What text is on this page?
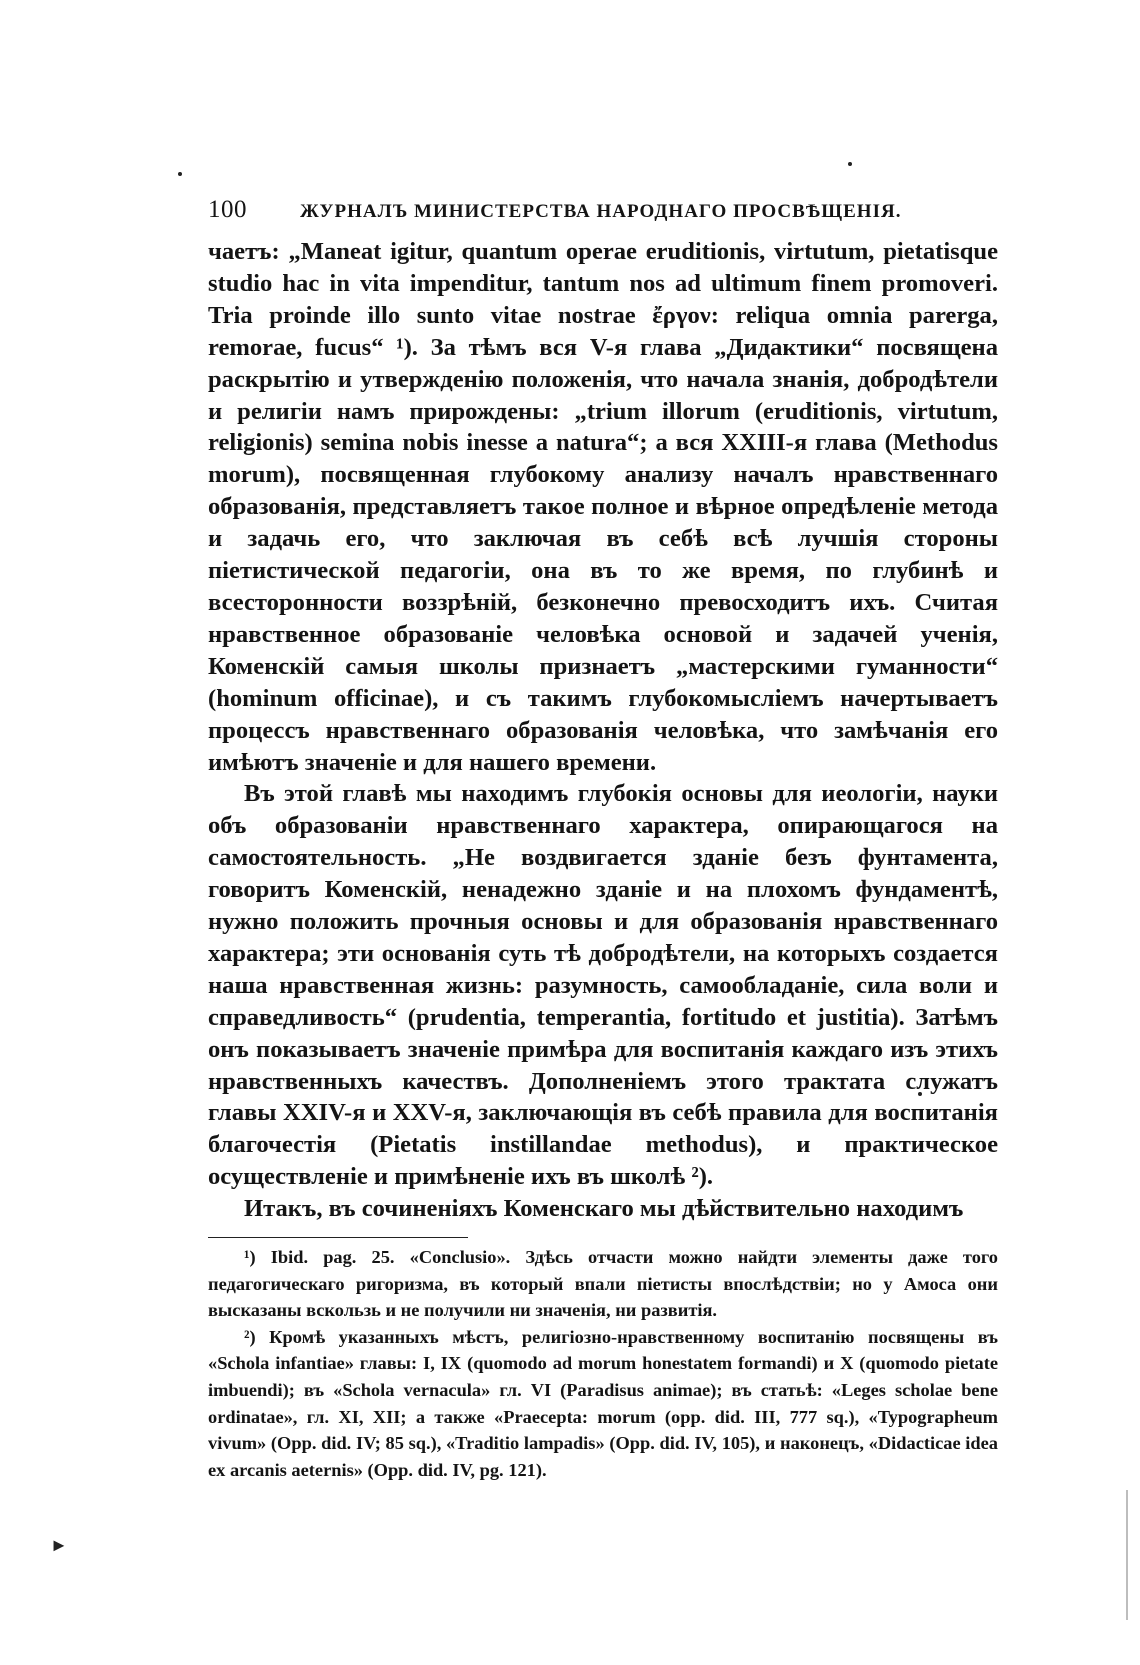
100	ЖУРНАЛЪ МИНИСТЕРСТВА НАРОДНАГО ПРОСВѢЩЕНІЯ.

чаетъ: „Maneat igitur, quantum operae eruditionis, virtutum, pietatisque studio hac in vita impenditur, tantum nos ad ultimum finem promoveri. Tria proinde illo sunto vitae nostrae ἔργον: reliqua omnia parerga, remorae, fucus“ ¹). За тѣмъ вся V-я глава „Дидактики“ посвящена раскрытію и утвержденію положенія, что начала знанія, добродѣтели и религіи намъ прирождены: „trium illorum (eruditionis, virtutum, religionis) semina nobis inesse a natura“; а вся XXIII-я глава (Methodus morum), посвященная глубокому анализу началъ нравственнаго образованія, представляетъ такое полное и вѣрное опредѣленіе метода и задачь его, что заключая въ себѣ всѣ лучшія стороны піетистической педагогіи, она въ то же время, по глубинѣ и всесторонности воззрѣній, безконечно превосходитъ ихъ. Считая нравственное образованіе человѣка основой и задачей ученія, Коменскій самыя школы признаетъ „мастерскими гуманности“ (hominum officinae), и съ такимъ глубокомысліемъ начертываетъ процессъ нравственнаго образованія человѣка, что замѣчанія его имѣютъ значеніе и для нашего времени.

Въ этой главѣ мы находимъ глубокія основы для иеологіи, науки объ образованіи нравственнаго характера, опирающагося на самостоятельность. „Не воздвигается зданіе безъ фунтамента, говоритъ Коменскій, ненадежно зданіе и на плохомъ фундаментѣ, нужно положить прочныя основы и для образованія нравственнаго характера; эти основанія суть тѣ добродѣтели, на которыхъ создается наша нравственная жизнь: разумность, самообладаніе, сила воли и справедливость“ (prudentia, temperantia, fortitudo et justitia). Затѣмъ онъ показываетъ значеніе примѣра для воспитанія каждаго изъ этихъ нравственныхъ качествъ. Дополненіемъ этого трактата служатъ главы XXIV-я и XXV-я, заключающія въ себѣ правила для воспитанія благочестія (Pietatis instillandae methodus), и практическое осуществленіе и примѣненіе ихъ въ школѣ ²).

Итакъ, въ сочиненіяхъ Коменскаго мы дѣйствительно находимъ

¹) Ibid. pag. 25. «Conclusio». Здѣсь отчасти можно найдти элементы даже того педагогическаго ригоризма, въ который впали піетисты впослѣдствіи; но у Амоса они высказаны вскользь и не получили ни значенія, ни развитія.

²) Кромѣ указанныхъ мѣстъ, религіозно-нравственному воспитанію посвящены въ «Schola infantiae» главы: I, IX (quomodo ad morum honestatem formandi) и X (quomodo pietate imbuendi); въ «Schola vernacula» гл. VI (Paradisus animae); въ статьѣ: «Leges scholae bene ordinatae», гл. XI, XII; а также «Praecepta: morum (opp. did. III, 777 sq.), «Typographeum vivum» (Opp. did. IV; 85 sq.), «Traditio lampadis» (Opp. did. IV, 105), и наконецъ, «Didacticae idea ex arcanis aeternis» (Opp. did. IV, pg. 121).

►
